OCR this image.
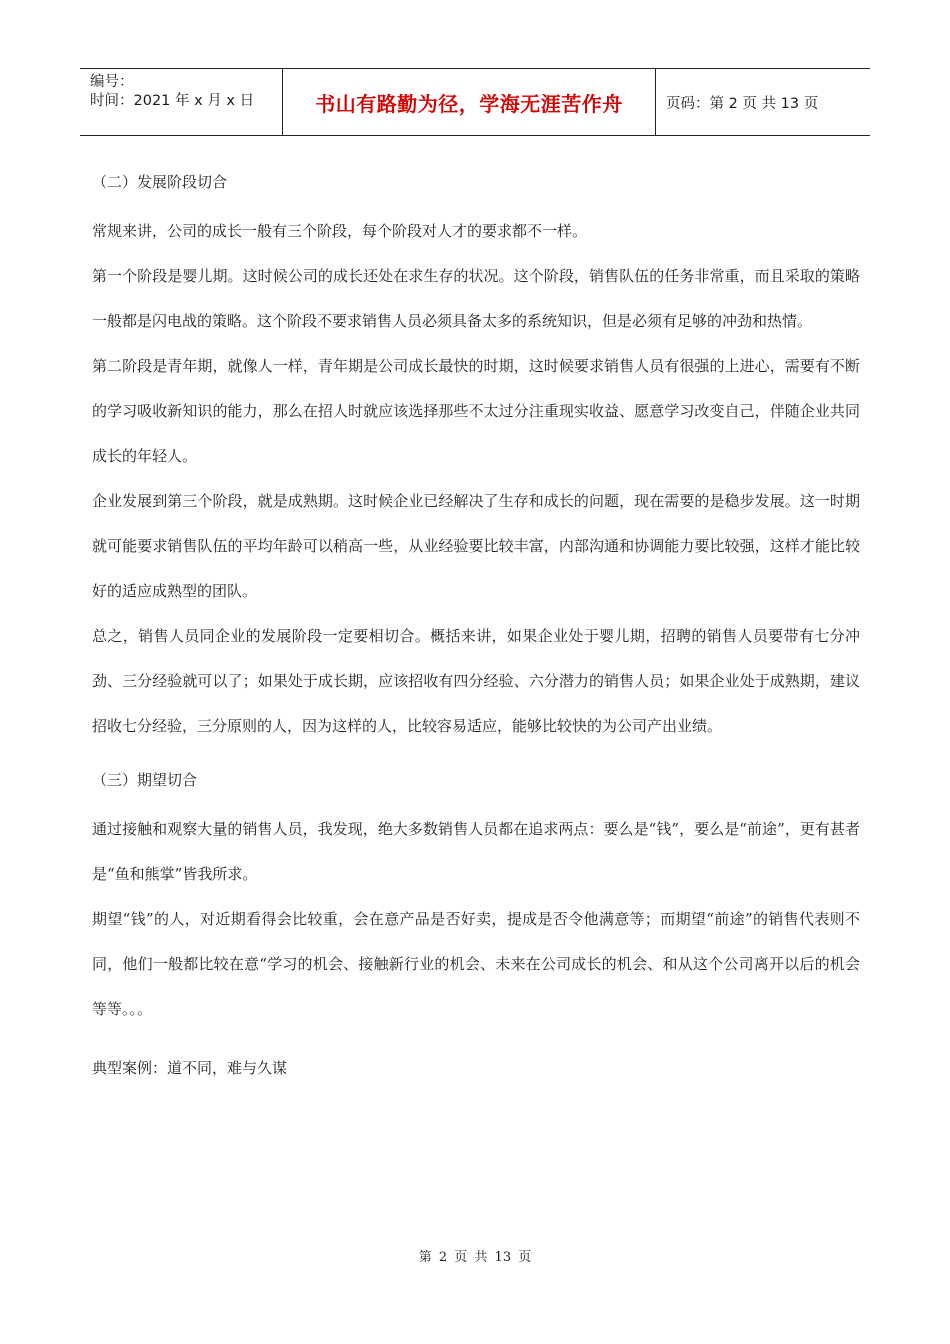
编号：
时间：2021 年 x 月 x 日	书山有路勤为径，学海无涯苦作舟	页码：第 2 页 共 13 页

（二）发展阶段切合

常规来讲，公司的成长一般有三个阶段，每个阶段对人才的要求都不一样。

第一个阶段是婴儿期。这时候公司的成长还处在求生存的状况。这个阶段，销售队伍的任务非常重，而且采取的策略一般都是闪电战的策略。这个阶段不要求销售人员必须具备太多的系统知识，但是必须有足够的冲劲和热情。

第二阶段是青年期，就像人一样，青年期是公司成长最快的时期，这时候要求销售人员有很强的上进心，需要有不断的学习吸收新知识的能力，那么在招人时就应该选择那些不太过分注重现实收益、愿意学习改变自己，伴随企业共同成长的年轻人。

企业发展到第三个阶段，就是成熟期。这时候企业已经解决了生存和成长的问题，现在需要的是稳步发展。这一时期就可能要求销售队伍的平均年龄可以稍高一些，从业经验要比较丰富，内部沟通和协调能力要比较强，这样才能比较好的适应成熟型的团队。

总之，销售人员同企业的发展阶段一定要相切合。概括来讲，如果企业处于婴儿期，招聘的销售人员要带有七分冲劲、三分经验就可以了；如果处于成长期，应该招收有四分经验、六分潜力的销售人员；如果企业处于成熟期，建议招收七分经验，三分原则的人，因为这样的人，比较容易适应，能够比较快的为公司产出业绩。

（三）期望切合

通过接触和观察大量的销售人员，我发现，绝大多数销售人员都在追求两点：要么是“钱”，要么是“前途”，更有甚者是“鱼和熊掌”皆我所求。

期望“钱”的人，对近期看得会比较重，会在意产品是否好卖，提成是否令他满意等；而期望“前途”的销售代表则不同，他们一般都比较在意“学习的机会、接触新行业的机会、未来在公司成长的机会、和从这个公司离开以后的机会等等。。。

典型案例：道不同，难与久谋

第 2 页 共 13 页
